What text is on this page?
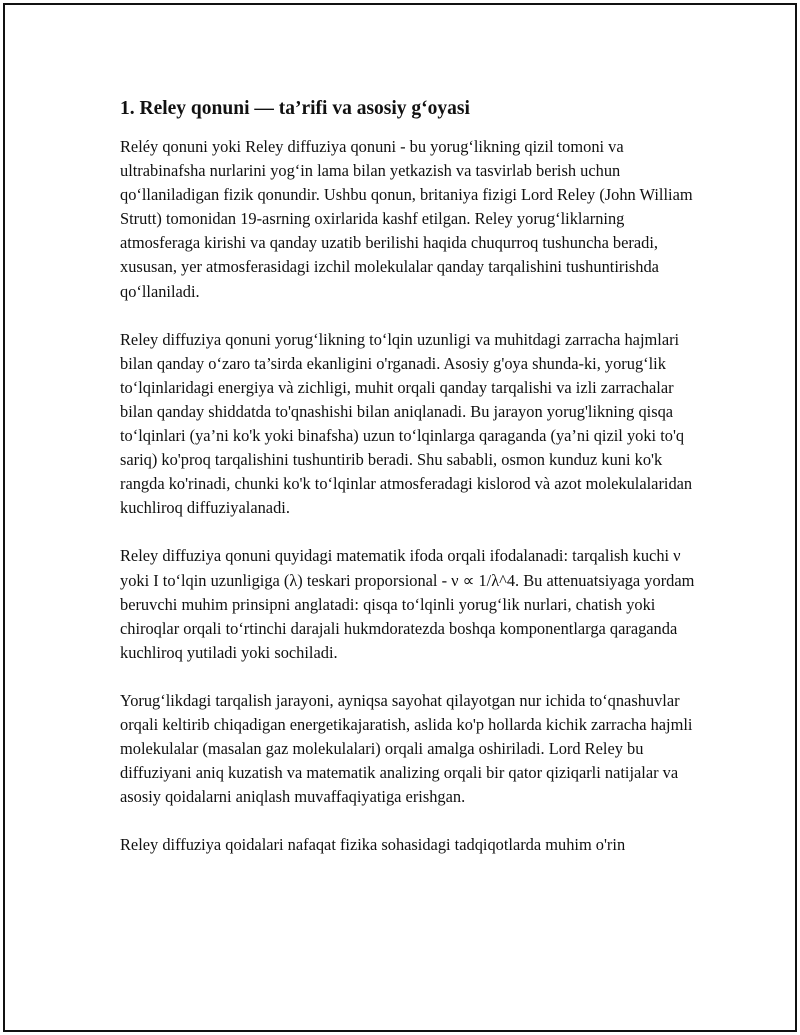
1. Reley qonuni — ta’rifi va asosiy g‘oyasi

Reléy qonuni yoki Reley diffuziya qonuni - bu yorug‘likning qizil tomoni va ultrabinafsha nurlarini yog‘in lama bilan yetkazish va tasvirlab berish uchun qo‘llaniladigan fizik qonundir. Ushbu qonun, britaniya fizigi Lord Reley (John William Strutt) tomonidan 19-asrning oxirlarida kashf etilgan. Reley yorug‘liklarning atmosferaga kirishi va qanday uzatib berilishi haqida chuqurroq tushuncha beradi, xususan, yer atmosferasidagi izchil molekulalar qanday tarqalishini tushuntirishda qo‘llaniladi.

Reley diffuziya qonuni yorug‘likning to‘lqin uzunligi va muhitdagi zarracha hajmlari bilan qanday o‘zaro ta’sirda ekanligini o'rganadi. Asosiy g'oya shunda-ki, yorug‘lik to‘lqinlaridagi energiya và zichligi, muhit orqali qanday tarqalishi va izli zarrachalar bilan qanday shiddatda to'qnashishi bilan aniqlanadi. Bu jarayon yorug'likning qisqa to‘lqinlari (ya’ni ko'k yoki binafsha) uzun to‘lqinlarga qaraganda (ya’ni qizil yoki to'q sariq) ko'proq tarqalishini tushuntirib beradi. Shu sababli, osmon kunduz kuni ko'k rangda ko'rinadi, chunki ko'k to‘lqinlar atmosferadagi kislorod và azot molekulalaridan kuchliroq diffuziyalanadi.

Reley diffuziya qonuni quyidagi matematik ifoda orqali ifodalanadi: tarqalish kuchi ν yoki I to‘lqin uzunligiga (λ) teskari proporsional - ν ∝ 1/λ^4. Bu attenuatsiyaga yordam beruvchi muhim prinsipni anglatadi: qisqa to‘lqinli yorug‘lik nurlari, chatish yoki chiroqlar orqali to‘rtinchi darajali hukmdoratezda boshqa komponentlarga qaraganda kuchliroq yutiladi yoki sochiladi.

Yorug‘likdagi tarqalish jarayoni, ayniqsa sayohat qilayotgan nur ichida to‘qnashuvlar orqali keltirib chiqadigan energetikajaratish, aslida ko'p hollarda kichik zarracha hajmli molekulalar (masalan gaz molekulalari) orqali amalga oshiriladi. Lord Reley bu diffuziyani aniq kuzatish va matematik analizing orqali bir qator qiziqarli natijalar va asosiy qoidalarni aniqlash muvaffaqiyatiga erishgan.

Reley diffuziya qoidalari nafaqat fizika sohasidagi tadqiqotlarda muhim o'rin
